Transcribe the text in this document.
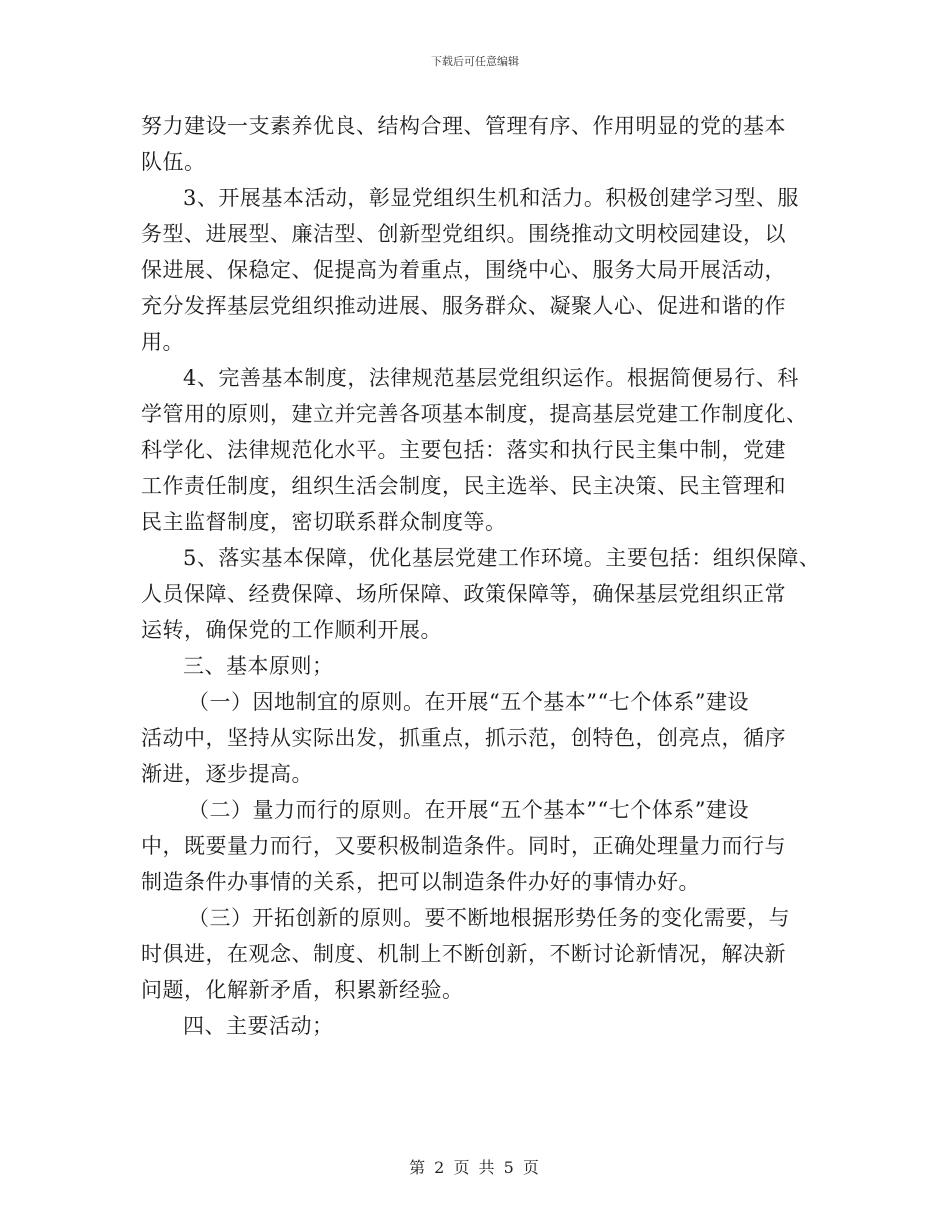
下载后可任意编辑
努力建设一支素养优良、结构合理、管理有序、作用明显的党的基本
队伍。
3、开展基本活动，彰显党组织生机和活力。积极创建学习型、服
务型、进展型、廉洁型、创新型党组织。围绕推动文明校园建设，以
保进展、保稳定、促提高为着重点，围绕中心、服务大局开展活动，
充分发挥基层党组织推动进展、服务群众、凝聚人心、促进和谐的作
用。
4、完善基本制度，法律规范基层党组织运作。根据简便易行、科
学管用的原则，建立并完善各项基本制度，提高基层党建工作制度化、
科学化、法律规范化水平。主要包括：落实和执行民主集中制，党建
工作责任制度，组织生活会制度，民主选举、民主决策、民主管理和
民主监督制度，密切联系群众制度等。
5、落实基本保障，优化基层党建工作环境。主要包括：组织保障、
人员保障、经费保障、场所保障、政策保障等，确保基层党组织正常
运转，确保党的工作顺利开展。
三、基本原则；
（一）因地制宜的原则。在开展“五个基本”“七个体系”建设
活动中，坚持从实际出发，抓重点，抓示范，创特色，创亮点，循序
渐进，逐步提高。
（二）量力而行的原则。在开展“五个基本”“七个体系”建设
中，既要量力而行，又要积极制造条件。同时，正确处理量力而行与
制造条件办事情的关系，把可以制造条件办好的事情办好。
（三）开拓创新的原则。要不断地根据形势任务的变化需要，与
时俱进，在观念、制度、机制上不断创新，不断讨论新情况，解决新
问题，化解新矛盾，积累新经验。
四、主要活动；
第 2 页 共 5 页
